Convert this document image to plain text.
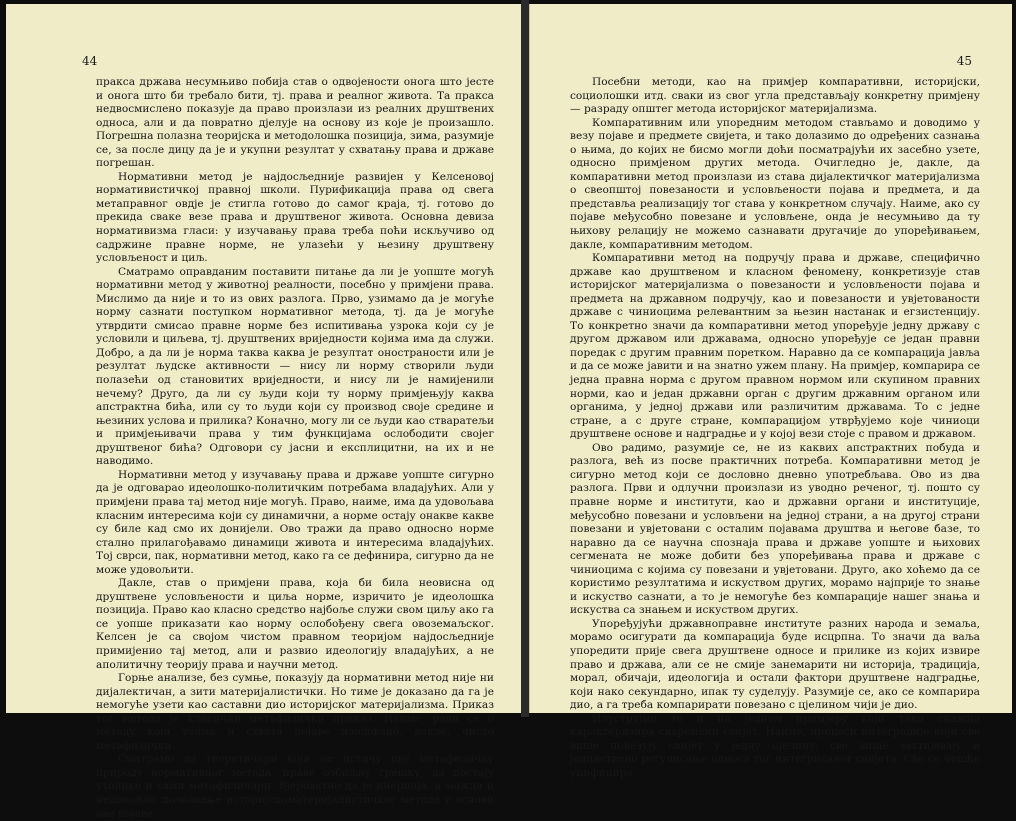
44

пракса држава несумњиво побија став о одвојености онога што јесте и онога што би требало бити, тј. права и реалног живота. Та пракса недвосмислено показује да право произлази из реалних друштвених односа, али и да повратно дјелује на основу из које је произашло. Погрешна полазна теоријска и методолошка позиција, зима, разумије се, за после дицу да је и укупни резултат у схватању права и државе погрешан.

Нормативни метод је најдосљедније развијен у Келсеновој нормативистичкој правној школи. Пурификација права од свега метаправног овдје је стигла готово до самог краја, тј. готово до прекида сваке везе права и друштвеног живота. Основна девиза нормативизма гласи: у изучавању права треба поћи искључиво од садржине правне норме, не улазећи у њезину друштвену условљеност и циљ.

Сматрамо оправданим поставити питање да ли је уопште могућ нормативни метод у животној реалности, посебно у примјени права. Мислимо да није и то из ових разлога. Прво, узимамо да је могуће норму сазнати поступком нормативног метода, тј. да је могуће утврдити смисао правне норме без испитивања узрока који су је условили и циљева, тј. друштвених вриједности којима има да служи. Добро, а да ли је норма таква каква је резултат оностраности или је резултат људске активности — нису ли норму створили људи полазећи од становитих вриједности, и нису ли је намијенили нечему? Друго, да ли су људи који ту норму примјењују каква апстрактна бића, или су то људи који су производ своје средине и њезиних услова и прилика? Коначно, могу ли се људи као стваратељи и примјењивачи права у тим функцијама ослободити својег друштвеног бића? Одговори су јасни и експлицитни, на их и не наводимо.

Нормативни метод у изучавању права и државе уопште сигурно да је одговарао идеолошко-политичким потребама владајућих. Али у примјени права тај метод није могућ. Право, наиме, има да удовољава класним интересима који су динамични, а норме остају онакве какве су биле кад смо их донијели. Ово тражи да право односно норме стално прилагођавамо динамици живота и интересима владајућих. Тој сврси, пак, нормативни метод, како га се дефинира, сигурно да не може удовољити.

Дакле, став о примјени права, која би била неовисна од друштвене условљености и циља норме, изричито је идеолошка позиција. Право као класно средство најбоље служи свом циљу ако га се уопше приказати као норму ослобођену свега овоземаљског. Келсен је са својом чистом правном теоријом најдосљедније примијенио тај метод, али и развио идеологију владајућих, а не аполитичну теорију права и научни метод.

Горње анализе, без сумње, показују да нормативни метод није ни дијалектичан, а зити материјалистички. Но тиме је доказано да га је немогуће узети као саставни дио историјског материјализма. Приказ тог метода је класични метафизички приказ. Наиме, ради се о методу који узима и схвата појаве изоловано, дакле, чисто метафизички.

Сматрамо да теоретичари који не истичу ову метафизичку природу нормативног метода, праве озбиљну грешку, да постају утолико и сами метафизичари. Вјеровaтно да је инерција, а можда и недовољно познавање историјскоматеријалистичког метода у основи ове појаве.

45

Посебни методи, као на примјер компаративни, историјски, социолошки итд. сваки из свог угла представљају конкретну примјену — разраду општег метода историјског материјализма.

Компаративним или упоредним методом стављамо и доводимо у везу појаве и предмете свијета, и тако долазимо до одређених сазнања о њима, до којих не бисмо могли доћи посматрајући их засебно узете, односно примјеном других метода. Очигледно је, дакле, да компаративни метод произлази из става дијалектичког материјализма о свеопштој повезаности и условљености појава и предмета, и да представља реализацију тог става у конкретном случају. Наиме, ако су појаве међусобно повезане и условљене, онда је несумњиво да ту њихову релацију не можемо сазнавати другачије до упоређивањем, дакле, компаративним методом.

Компаративни метод на подручју права и државе, специфично државе као друштвеном и класном феномену, конкретизује став историјског материјализма о повезаности и условљености појава и предмета на државном подручју, као и повезаности и увјетованости државе с чиниоцима релевантним за њезин настанак и егзистенцију. То конкретно значи да компаративни метод упоређује једну државу с другом државом или државама, односно упоређује се један правни поредак с другим правним поретком. Наравно да се компарација јавља и да се може јавити и на знатно ужем плану. На примјер, компарира се једна правна норма с другом правном нормом или скупином правних норми, као и један државни орган с другим државним органом или органима, у једној држави или различитим државама. То с једне стране, а с друге стране, компарацијом утврђујемо које чиниоци друштвене основе и надградње и у којој вези стоје с правом и државом.

Ово радимо, разумије се, не из каквих апстрактних побуда и разлога, већ из посве практичних потреба. Компаративни метод је сигурно метод који се дословно дневно употребљава. Ово из два разлога. Први и одлучни произлази из уводно реченог, тј. пошто су правне норме и институти, као и државни органи и институције, међусобно повезани и условљени на једној страни, а на другој страни повезани и увјетовани с осталим појавама друштва и његове базе, то наравно да се научна спознаја права и државе уопште и њихових сегмената не може добити без упоређивања права и државе с чиниоцима с којима су повезани и увјетовани. Друго, ако хоћемо да се користимо резултатима и искуством других, морамо најприје то знање и искуство сазнати, а то је немогуће без компарације нашег знања и искуства са знањем и искуством других.

Упоређујући државноправне институте разних народа и земаља, морамо осигурати да компарација буде исцрпна. То значи да ваља упоредити прије свега друштвене односе и прилике из којих извире право и држава, али се не смије занемарити ни историја, традиција, морал, обичаји, идеологија и остали фактори друштвене надградње, који нако секундарно, ипак ту суделују. Разумије се, ако се компарира дио, а га треба компарирати повезано с цјелином чији је дио.

Илуструјмо то и на једном примјеру који тако снажно карактеризира савремени свијет. Наиме, процеси интеграције који све више повезују свијет у једну цјелину, све више захтијевају и јединствено регулисање односа тог интегрисаног свијета. Све се чешће унифицира-
